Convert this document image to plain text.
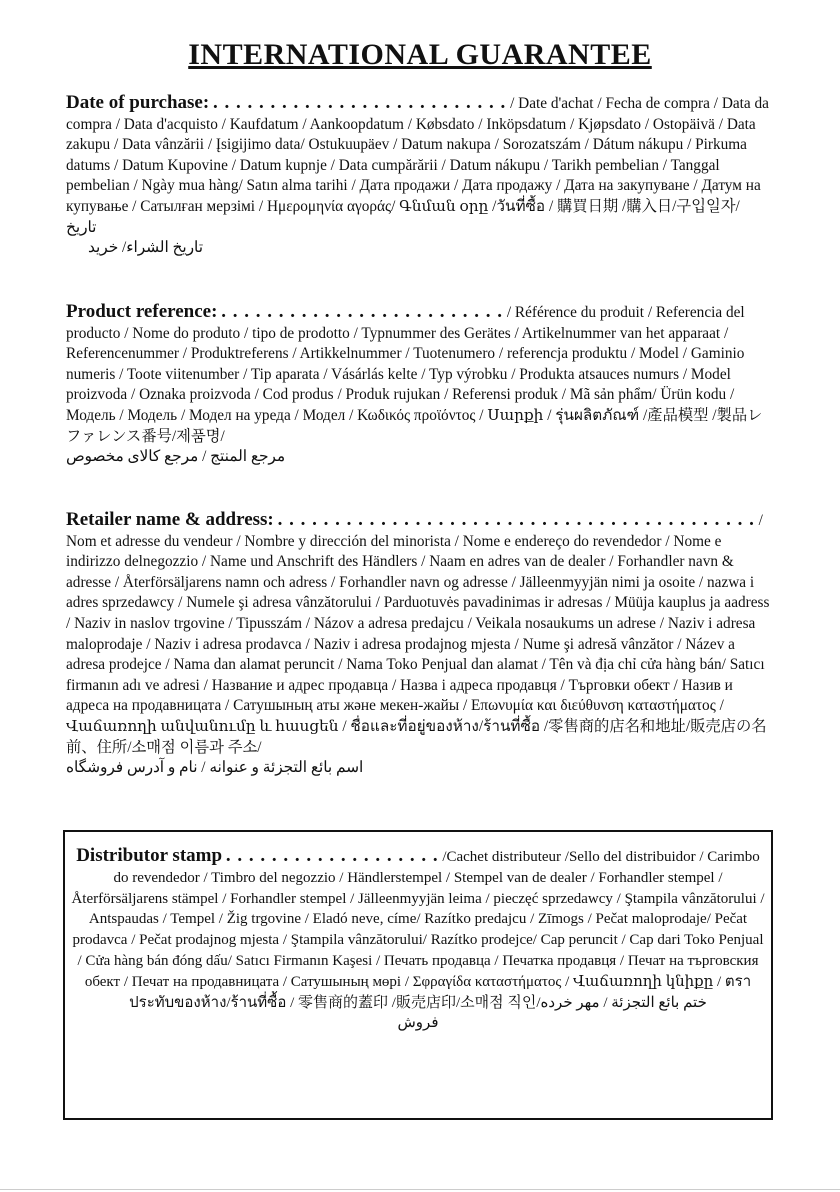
INTERNATIONAL GUARANTEE
Date of purchase: . . . . . . . . . . . . . . . . . . . . . . . . . . / Date d'achat / Fecha de compra / Data da compra / Data d'acquisto / Kaufdatum / Aankoopdatum / Købsdato / Inköpsdatum / Kjøpsdato / Ostopäivä / Data zakupu / Data vânzării / Įsigijimo data/ Ostukuupäev / Datum nakupa / Sorozatszám / Dátum nákupu / Pirkuma datums / Datum Kupovine / Datum kupnje / Data cumpărării / Datum nákupu / Tarikh pembelian / Tanggal pembelian / Ngày mua hàng/ Satın alma tarihi / Дата продажи / Дата продажу / Дата на закупуване / Датум на купување / Сатылған мерзімі / Ημερομηνία αγοράς/ Գնման օրը /วันที่ซื้อ / 購買日期 /購入日/구입일자/ تاريخ
تاريخ الشراء/ خريد
Product reference: . . . . . . . . . . . . . . . . . . . . . . . . . / Référence du produit / Referencia del producto / Nome do produto / tipo de prodotto / Typnummer des Gerätes / Artikelnummer van het apparaat / Referencenummer / Produktreferens / Artikkelnummer / Tuotenumero / referencja produktu / Model / Gaminio numeris / Toote viitenumber / Tip aparata / Vásárlás kelte / Typ výrobku / Produkta atsauces numurs / Model proizvoda / Oznaka proizvoda / Cod produs / Produk rujukan / Referensi produk / Mã sản phẩm/ Ürün kodu / Модель / Модель / Модел на уреда / Модел / Κωδικός προϊόντος / Սարքի / รุ่นผลิตภัณฑ์ /產品模型 /製品レファレンス番号/제품명/
مرجع المنتج / مرجع کالای مخصوص
Retailer name & address: . . . . . . . . . . . . . . . . . . . . . . . . . . . . . . . . . . . . . . . . . . / Nom et adresse du vendeur / Nombre y dirección del minorista / Nome e endereço do revendedor / Nome e indirizzo delnegozzio / Name und Anschrift des Händlers / Naam en adres van de dealer / Forhandler navn & adresse / Återförsäljarens namn och adress / Forhandler navn og adresse / Jälleenmyyjän nimi ja osoite / nazwa i adres sprzedawcy / Numele şi adresa vânzătorului / Parduotuvės pavadinimas ir adresas / Müüja kauplus ja aadress / Naziv in naslov trgovine / Tipusszám / Názov a adresa predajcu / Veikala nosaukums un adrese / Naziv i adresa maloprodaje / Naziv i adresa prodavca / Naziv i adresa prodajnog mjesta / Nume şi adresă vânzător / Název a adresa prodejce / Nama dan alamat peruncit / Nama Toko Penjual dan alamat / Tên và địa chỉ cửa hàng bán/ Satıcı firmanın adı ve adresi / Название и адрес продавца / Назва і адреса продавця / Търговки обект / Назив и адреса на продавницата / Сатушының аты және мекен-жайы / Επωνυμία και διεύθυνση καταστήματος / Վաճառողի անվանումը և հասցեն / ชื่อและที่อยู่ของห้าง/ร้านที่ซื้อ /零售商的店名和地址/販売店の名前、住所/소매점 이름과 주소/
اسم بائع التجزئة و عنوانه / نام و آدرس فروشگاه
Distributor stamp . . . . . . . . . . . . . . . . . . . /Cachet distributeur /Sello del distribuidor / Carimbo do revendedor / Timbro del negozzio / Händlerstempel / Stempel van de dealer / Forhandler stempel / Återförsäljarens stämpel / Forhandler stempel / Jälleenmyyjän leima / pieczęć sprzedawcy / Ştampila vânzătorului / Antspaudas / Tempel / Žig trgovine / Eladó neve, címe/ Razítko predajcu / Zīmogs / Pečat maloprodaje/ Pečat prodavca / Pečat prodajnog mjesta / Ştampila vânzătorului/ Razítko prodejce/ Cap peruncit / Cap dari Toko Penjual / Cửa hàng bán đóng dấu/ Satıcı Firmanın Kaşesi / Печать продавца / Печатка продавця / Печат на търговския обект / Печат на продавницата / Сатушының мөрі / Σφραγίδα καταστήματος / Վաճառողի կնիքը / ตราประทับของห้าง/ร้านที่ซื้อ / 零售商的蓋印 /販売店印/소매점 직인/ختم بائع التجزئة / مهر خرده
فروش
